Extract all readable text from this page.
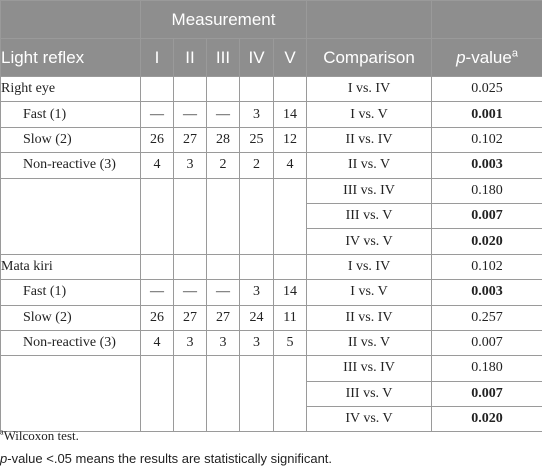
	Measurement						
Light reflex	I	II	III	IV	V	Comparison	p-value$^a$
Right eye						I vs. IV	0.025
Fast (1)	—	—	—	3	14	I vs. V	0.001
Slow (2)	26	27	28	25	12	II vs. IV	0.102
Non-reactive (3)	4	3	2	2	4	II vs. V	0.003
						III vs. IV	0.180
						III vs. V	0.007
						IV vs. V	0.020
Mata kiri						I vs. IV	0.102
Fast (1)	—	—	—	3	14	I vs. V	0.003
Slow (2)	26	27	27	24	11	II vs. IV	0.257
Non-reactive (3)	4	3	3	3	5	II vs. V	0.007
						III vs. IV	0.180
						III vs. V	0.007
						IV vs. V	0.020
$^a$Wilcoxon test.
p-value <.05 means the results are statistically significant.
